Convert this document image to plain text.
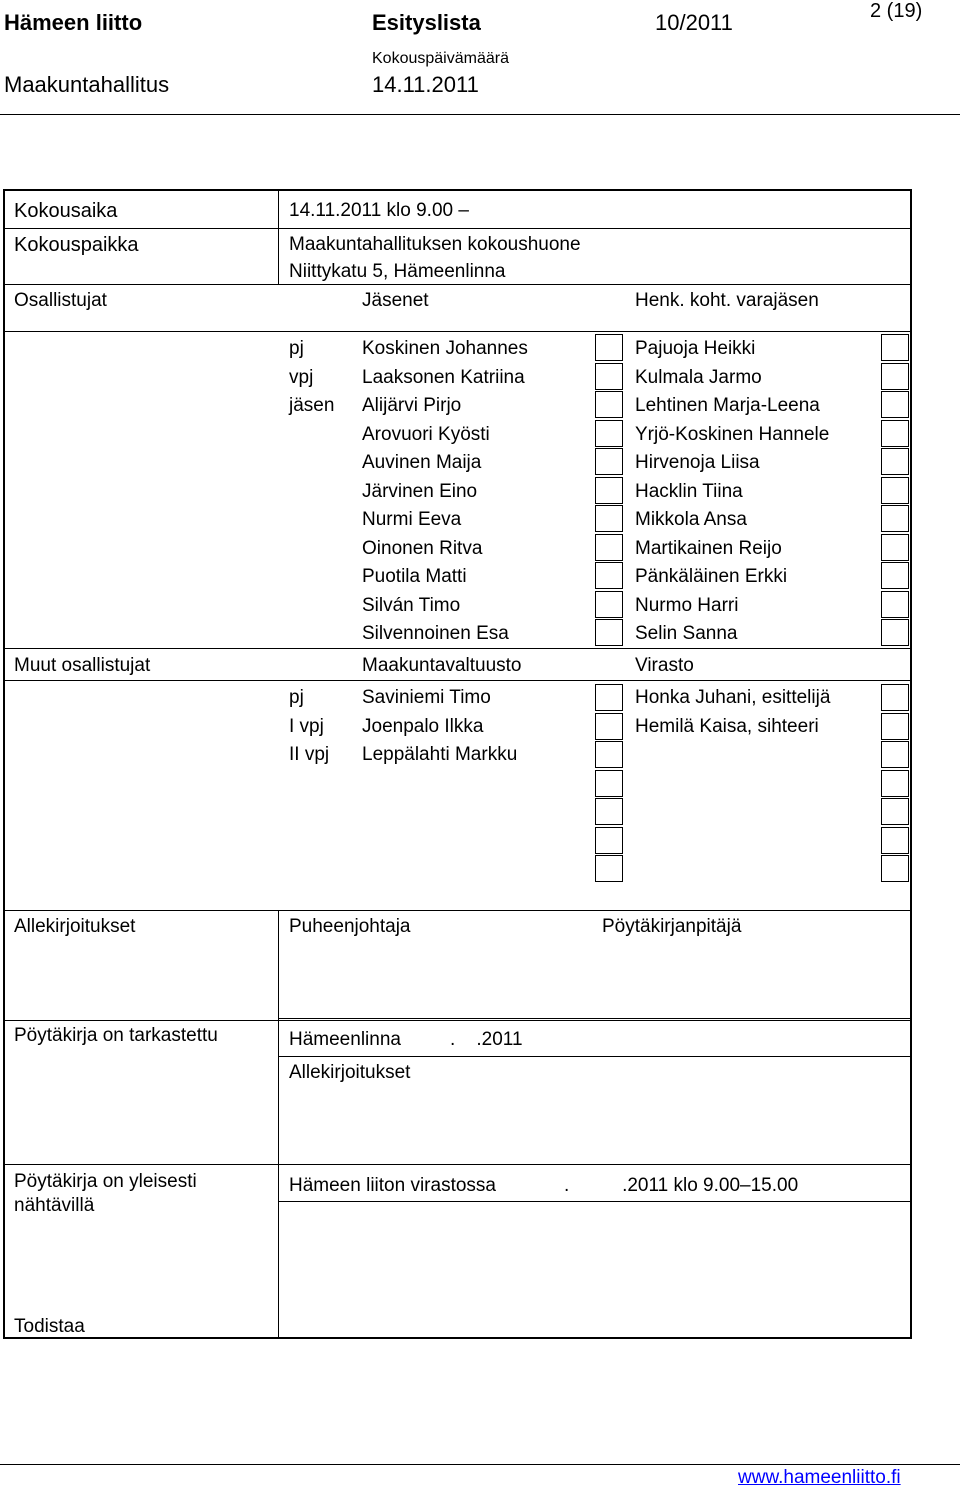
Hämeen liitto	Esityslista	10/2011	2 (19)
Kokouspäivämäärä
Maakuntahallitus	14.11.2011
Kokousaika	14.11.2011 klo 9.00 –
Kokouspaikka	Maakuntahallituksen kokoushuone
Niittykatu 5, Hämeenlinna
Osallistujat	Jäsenet	Henk. koht. varajäsen
pj	Koskinen Johannes	Pajuoja Heikki
vpj	Laaksonen Katriina	Kulmala Jarmo
jäsen Alijärvi Pirjo	Lehtinen Marja-Leena
Arovuori Kyösti	Yrjö-Koskinen Hannele
Auvinen Maija	Hirvenoja Liisa
Järvinen Eino	Hacklin Tiina
Nurmi Eeva	Mikkola Ansa
Oinonen Ritva	Martikainen Reijo
Puotila Matti	Pänkäläinen Erkki
Silván Timo	Nurmo Harri
Silvennoinen Esa	Selin Sanna
Muut osallistujat	Maakuntavaltuusto	Virasto
pj	Saviniemi Timo	Honka Juhani, esittelijä
I vpj Joenpalo Ilkka	Hemilä Kaisa, sihteeri
II vpj Leppälahti Markku
Allekirjoitukset	Puheenjohtaja	Pöytäkirjanpitäjä
Pöytäkirja on tarkastettu	Hämeenlinna	.    .2011
Allekirjoitukset
Pöytäkirja on yleisesti
nähtävillä
Hämeen liiton virastossa	.          .2011 klo 9.00–15.00
Todistaa
www.hameenliitto.fi
